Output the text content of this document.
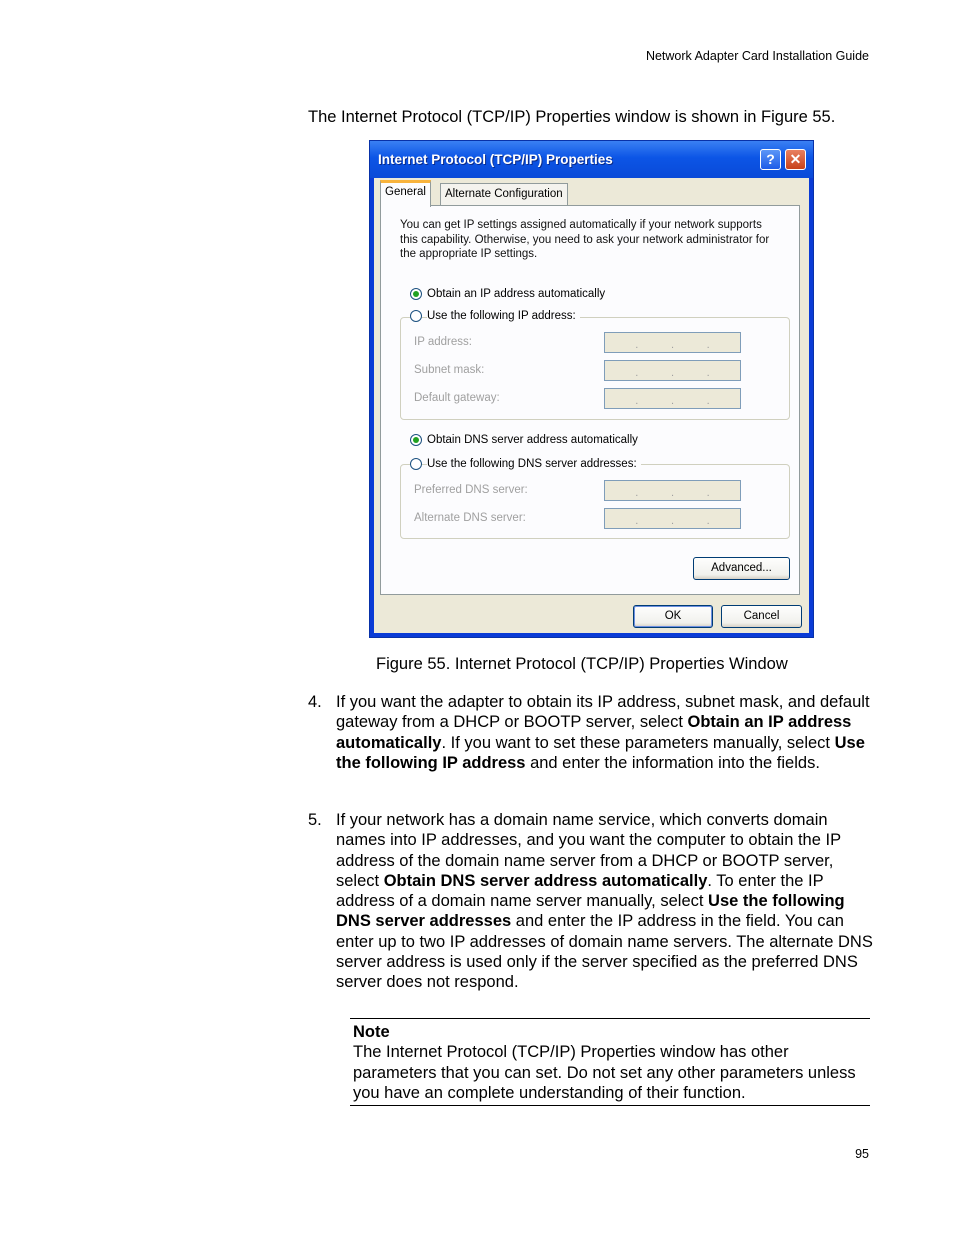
Network Adapter Card Installation Guide
The Internet Protocol (TCP/IP) Properties window is shown in Figure 55.
Internet Protocol (TCP/IP) Properties	?	✕
General	Alternate Configuration
You can get IP settings assigned automatically if your network supports
this capability. Otherwise, you need to ask your network administrator for
the appropriate IP settings.
Obtain an IP address automatically
Use the following IP address:
IP address:	.	.	.
Subnet mask:	.	.	.
Default gateway:	.	.	.
Obtain DNS server address automatically
Use the following DNS server addresses:
Preferred DNS server:	.	.	.
Alternate DNS server:	.	.	.
Advanced...
OK	Cancel
Figure 55. Internet Protocol (TCP/IP) Properties Window
4. If you want the adapter to obtain its IP address, subnet mask, and default gateway from a DHCP or BOOTP server, select Obtain an IP address automatically. If you want to set these parameters manually, select Use the following IP address and enter the information into the fields.
5. If your network has a domain name service, which converts domain names into IP addresses, and you want the computer to obtain the IP address of the domain name server from a DHCP or BOOTP server, select Obtain DNS server address automatically. To enter the IP address of a domain name server manually, select Use the following DNS server addresses and enter the IP address in the field. You can enter up to two IP addresses of domain name servers. The alternate DNS server address is used only if the server specified as the preferred DNS server does not respond.
Note
The Internet Protocol (TCP/IP) Properties window has other parameters that you can set. Do not set any other parameters unless you have an complete understanding of their function.
95
